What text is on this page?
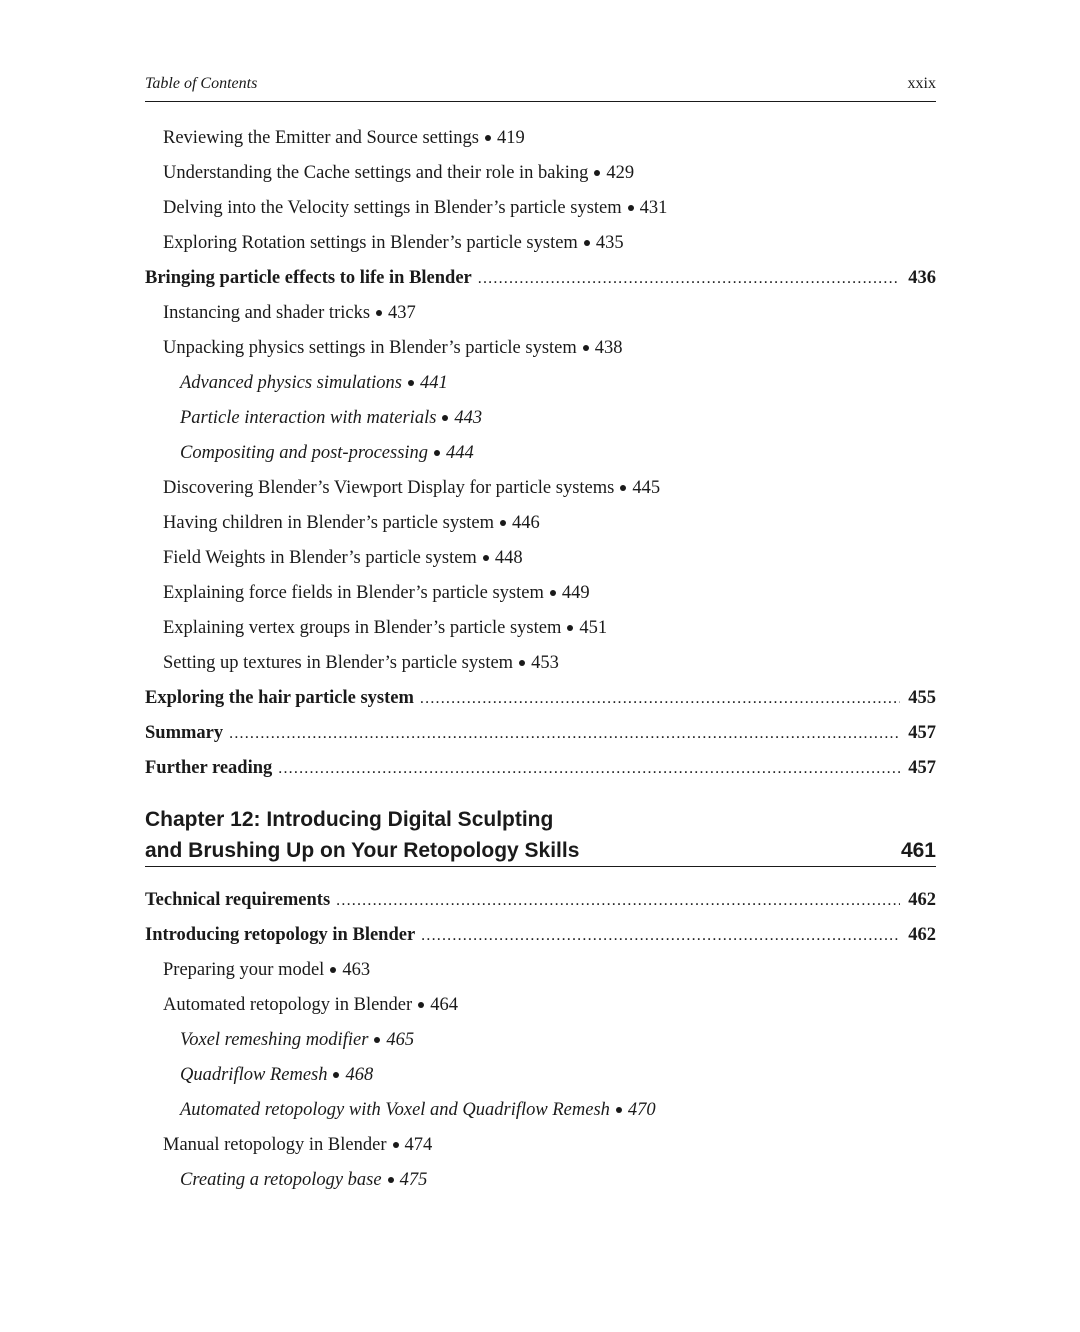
Table of Contents	xxix
Reviewing the Emitter and Source settings 419
Understanding the Cache settings and their role in baking 429
Delving into the Velocity settings in Blender’s particle system 431
Exploring Rotation settings in Blender’s particle system 435
Bringing particle effects to life in Blender .....	436
Instancing and shader tricks 437
Unpacking physics settings in Blender’s particle system 438
Advanced physics simulations 441
Particle interaction with materials 443
Compositing and post-processing 444
Discovering Blender’s Viewport Display for particle systems 445
Having children in Blender’s particle system 446
Field Weights in Blender’s particle system 448
Explaining force fields in Blender’s particle system 449
Explaining vertex groups in Blender’s particle system 451
Setting up textures in Blender’s particle system 453
Exploring the hair particle system .....	455
Summary .....	457
Further reading .....	457
Chapter 12: Introducing Digital Sculpting
and Brushing Up on Your Retopology Skills	461
Technical requirements .....	462
Introducing retopology in Blender .....	462
Preparing your model 463
Automated retopology in Blender 464
Voxel remeshing modifier 465
Quadriflow Remesh 468
Automated retopology with Voxel and Quadriflow Remesh 470
Manual retopology in Blender 474
Creating a retopology base 475
